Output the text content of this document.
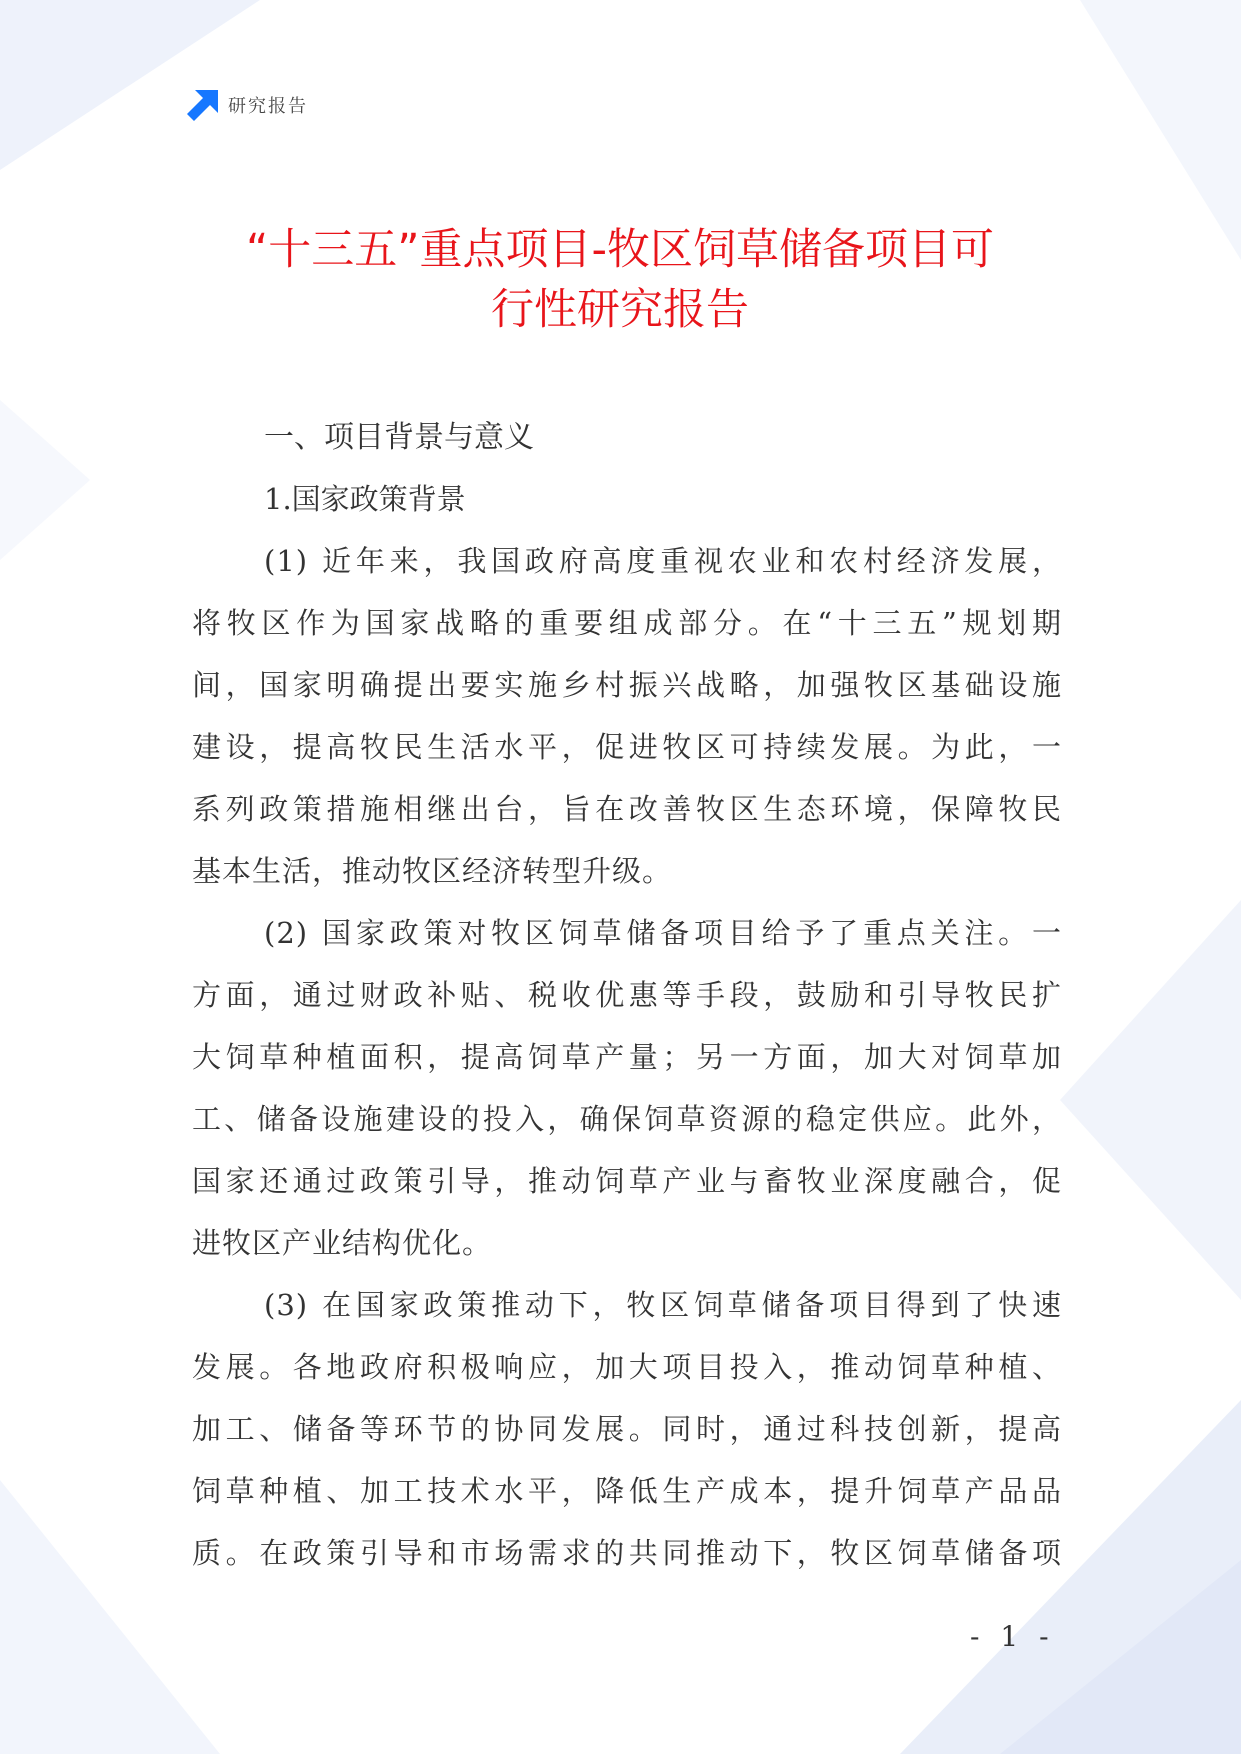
研究报告
“十三五”重点项目-牧区饲草储备项目可
行性研究报告
一、项目背景与意义
1.国家政策背景
(1) 近年来，我国政府高度重视农业和农村经济发展，
将牧区作为国家战略的重要组成部分。在“十三五”规划期
间，国家明确提出要实施乡村振兴战略，加强牧区基础设施
建设，提高牧民生活水平，促进牧区可持续发展。为此，一
系列政策措施相继出台，旨在改善牧区生态环境，保障牧民
基本生活，推动牧区经济转型升级。
(2) 国家政策对牧区饲草储备项目给予了重点关注。一
方面，通过财政补贴、税收优惠等手段，鼓励和引导牧民扩
大饲草种植面积，提高饲草产量；另一方面，加大对饲草加
工、储备设施建设的投入，确保饲草资源的稳定供应。此外，
国家还通过政策引导，推动饲草产业与畜牧业深度融合，促
进牧区产业结构优化。
(3) 在国家政策推动下，牧区饲草储备项目得到了快速
发展。各地政府积极响应，加大项目投入，推动饲草种植、
加工、储备等环节的协同发展。同时，通过科技创新，提高
饲草种植、加工技术水平，降低生产成本，提升饲草产品品
质。在政策引导和市场需求的共同推动下，牧区饲草储备项
- 1 -
